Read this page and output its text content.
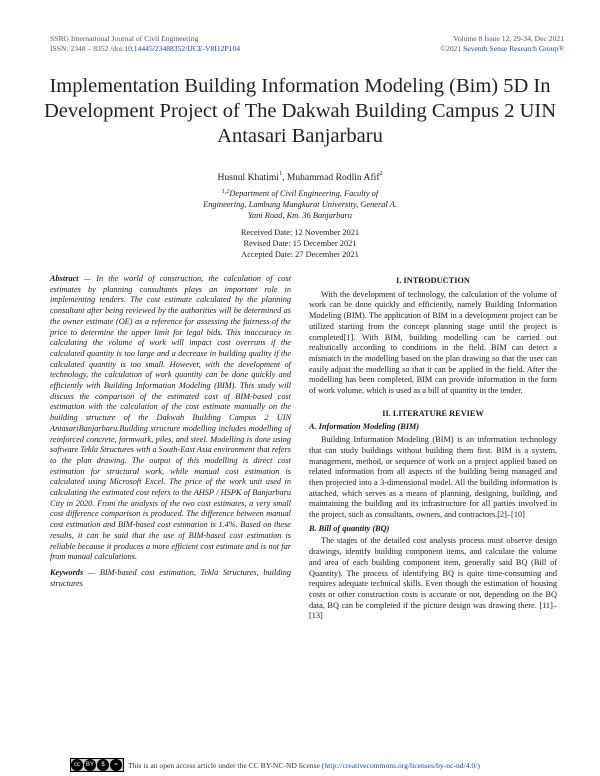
SSRG International Journal of Civil Engineering
ISSN: 2348 – 8352 /doi:10.14445/23488352/IJCE-V8I12P104
Volume 8 Issue 12, 29-34, Dec 2021
©2021 Seventh Sense Research Group®
Implementation Building Information Modeling (Bim) 5D In Development Project of The Dakwah Building Campus 2 UIN Antasari Banjarbaru
Husnul Khatimi$^1$, Muhammad Rodlin Afif$^2$
$^{1,2}$Department of Civil Engineering, Faculty of Engineering, Lambung Mangkurat University, General A. Yani Road, Km. 36 Banjarbaru
Received Date: 12 November 2021
Revised Date: 15 December 2021
Accepted Date: 27 December 2021
Abstract — In the world of construction, the calculation of cost estimates by planning consultants plays an important role in implementing tenders. The cost estimate calculated by the planning consultant after being reviewed by the authorities will be determined as the owner estimate (OE) as a reference for assessing the fairness of the price to determine the upper limit for legal bids. This inaccuracy in calculating the volume of work will impact cost overruns if the calculated quantity is too large and a decrease in building quality if the calculated quantity is too small. However, with the development of technology, the calculation of work quantity can be done quickly and efficiently with Building Information Modeling (BIM). This study will discuss the comparison of the estimated cost of BIM-based cost estimation with the calculation of the cost estimate manually on the building structure of the Dakwah Building Campus 2 UIN AntasariBanjarbaru.Building structure modelling includes modelling of reinforced concrete, formwork, piles, and steel. Modelling is done using software Tekla Structures with a South-East Asia environment that refers to the plan drawing. The output of this modelling is direct cost estimation for structural work, while manual cost estimation is calculated using Microsoft Excel. The price of the work unit used in calculating the estimated cost refers to the AHSP / HSPK of Banjarbaru City in 2020. From the analysis of the two cost estimates, a very small cost difference comparison is produced. The difference between manual cost estimation and BIM-based cost estimation is 1.4%. Based on these results, it can be said that the use of BIM-based cost estimation is reliable because it produces a more efficient cost estimate and is not far from manual calculations.
Keywords — BIM-based cost estimation, Tekla Structures, building structures
I. INTRODUCTION

With the development of technology, the calculation of the volume of work can be done quickly and efficiently, namely Building Information Modeling (BIM). The application of BIM in a development project can be utilized starting from the concept planning stage until the project is completed[1]. With BIM, building modelling can be carried out realistically according to conditions in the field. BIM can detect a mismatch in the modelling based on the plan drawing so that the user can easily adjust the modelling so that it can be applied in the field. After the modelling has been completed, BIM can provide information in the form of work volume, which is used as a bill of quantity in the tender.

II. LITERATURE REVIEW
A. Information Modeling (BIM)

Building Information Modeling (BIM) is an information technology that can study buildings without building them first. BIM is a system, management, method, or sequence of work on a project applied based on related information from all aspects of the building being managed and then projected into a 3-dimensional model. All the building information is attached, which serves as a means of planning, designing, building, and maintaining the building and its infrastructure for all parties involved in the project, such as consultants, owners, and contractors.[2]–[10]

B. Bill of quantity (BQ)

The stages of the detailed cost analysis process must observe design drawings, identify building component items, and calculate the volume and area of each building component item, generally said BQ (Bill of Quantity). The process of identifying BQ is quite time-consuming and requires adequate technical skills. Even though the estimation of housing costs or other construction costs is accurate or not, depending on the BQ data, BQ can be completed if the picture design was drawing there. [11]–[13]

cc BY	$	=	This is an open access article under the CC BY-NC-ND license ( http://creativecommons.org/licenses/by-nc-nd/4.0/ )
